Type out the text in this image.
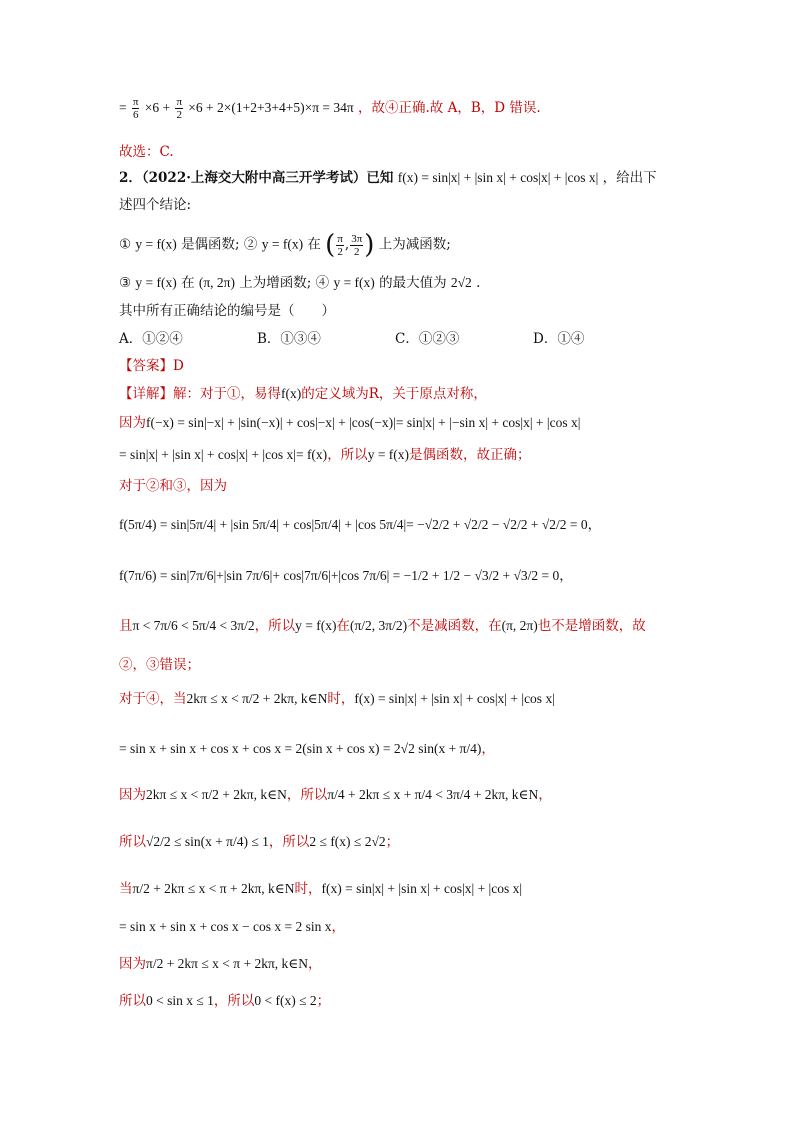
= $\frac{\pi}{6} \times 6 + \frac{\pi}{2} \times 6 + 2\times(1+2+3+4+5)\times\pi = 34\pi$ ，故④正确.故 A，B，D 错误.
故选：C.
2．（2022·上海交大附中高三开学考试）已知 f(x) = sin|x| + |sin x| + cos|x| + |cos x| ，给出下
述四个结论:
① y = f(x) 是偶函数; ② y = f(x) 在 ( $\frac{\pi}{2}$ , $\frac{3\pi}{2}$ ) 上为减函数;
③ y = f(x) 在 (π, 2π) 上为增函数; ④ y = f(x) 的最大值为 2√2 .
其中所有正确结论的编号是（　　）
A．①②④	B．①③④	C．①②③	D．①④
【答案】D
【详解】解：对于①，易得f(x)的定义域为R，关于原点对称，
因为f(−x) = sin|−x| + |sin(−x)| + cos|−x| + |cos(−x)|= sin|x| + |−sin x| + cos|x| + |cos x|
= sin|x| + |sin x| + cos|x| + |cos x|= f(x)，所以y = f(x)是偶函数，故正确；
对于②和③，因为
f(5π/4) = sin|5π/4| + |sin 5π/4| + cos|5π/4| + |cos 5π/4|= −√2/2 + √2/2 − √2/2 + √2/2 = 0，
f(7π/6) = sin|7π/6|+|sin 7π/6|+ cos|7π/6|+|cos 7π/6| = −1/2 + 1/2 − √3/2 + √3/2 = 0，
且π < 7π/6 < 5π/4 < 3π/2，所以y = f(x)在(π/2, 3π/2)不是减函数，在(π, 2π)也不是增函数，故
②，③错误；
对于④，当2kπ ≤ x < π/2 + 2kπ, k∈N时，f(x) = sin|x| + |sin x| + cos|x| + |cos x|
= sin x + sin x + cos x + cos x = 2(sin x + cos x) = 2√2 sin(x + π/4)，
因为2kπ ≤ x < π/2 + 2kπ, k∈N，所以π/4 + 2kπ ≤ x + π/4 < 3π/4 + 2kπ, k∈N，
所以√2/2 ≤ sin(x + π/4) ≤ 1，所以2 ≤ f(x) ≤ 2√2；
当π/2 + 2kπ ≤ x < π + 2kπ, k∈N时，f(x) = sin|x| + |sin x| + cos|x| + |cos x|
= sin x + sin x + cos x − cos x = 2 sin x，
因为π/2 + 2kπ ≤ x < π + 2kπ, k∈N，
所以0 < sin x ≤ 1，所以0 < f(x) ≤ 2；
